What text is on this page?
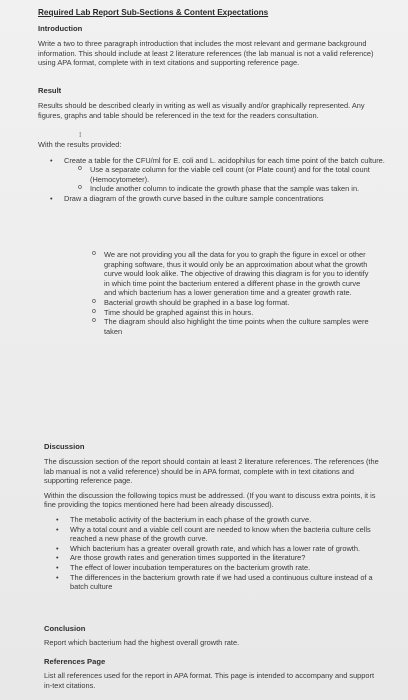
Required Lab Report Sub-Sections & Content Expectations

Introduction

Write a two to three paragraph introduction that includes the most relevant and germane background information. This should include at least 2 literature references (the lab manual is not a valid reference) using APA format, complete with in text citations and supporting reference page.

Result

Results should be described clearly in writing as well as visually and/or graphically represented. Any figures, graphs and table should be referenced in the text for the readers consultation.

I

With the results provided:

• Create a table for the CFU/ml for E. coli and L. acidophilus for each time point of the batch culture.
o Use a separate column for the viable cell count (or Plate count) and for the total count (Hemocytometer).
o Include another column to indicate the growth phase that the sample was taken in.
• Draw a diagram of the growth curve based in the culture sample concentrations
o We are not providing you all the data for you to graph the figure in excel or other graphing software, thus it would only be an approximation about what the growth curve would look alike. The objective of drawing this diagram is for you to identify in which time point the bacterium entered a different phase in the growth curve and which bacterium has a lower generation time and a greater growth rate.
o Bacterial growth should be graphed in a base log format.
o Time should be graphed against this in hours.
o The diagram should also highlight the time points when the culture samples were taken

Discussion

The discussion section of the report should contain at least 2 literature references. The references (the lab manual is not a valid reference) should be in APA format, complete with in text citations and supporting reference page.

Within the discussion the following topics must be addressed. (If you want to discuss extra points, it is fine providing the topics mentioned here had been already discussed).

• The metabolic activity of the bacterium in each phase of the growth curve.
• Why a total count and a viable cell count are needed to know when the bacteria culture cells reached a new phase of the growth curve.
• Which bacterium has a greater overall growth rate, and which has a lower rate of growth.
• Are those growth rates and generation times supported in the literature?
• The effect of lower incubation temperatures on the bacterium growth rate.
• The differences in the bacterium growth rate if we had used a continuous culture instead of a batch culture

Conclusion

Report which bacterium had the highest overall growth rate.

References Page

List all references used for the report in APA format. This page is intended to accompany and support in-text citations.
